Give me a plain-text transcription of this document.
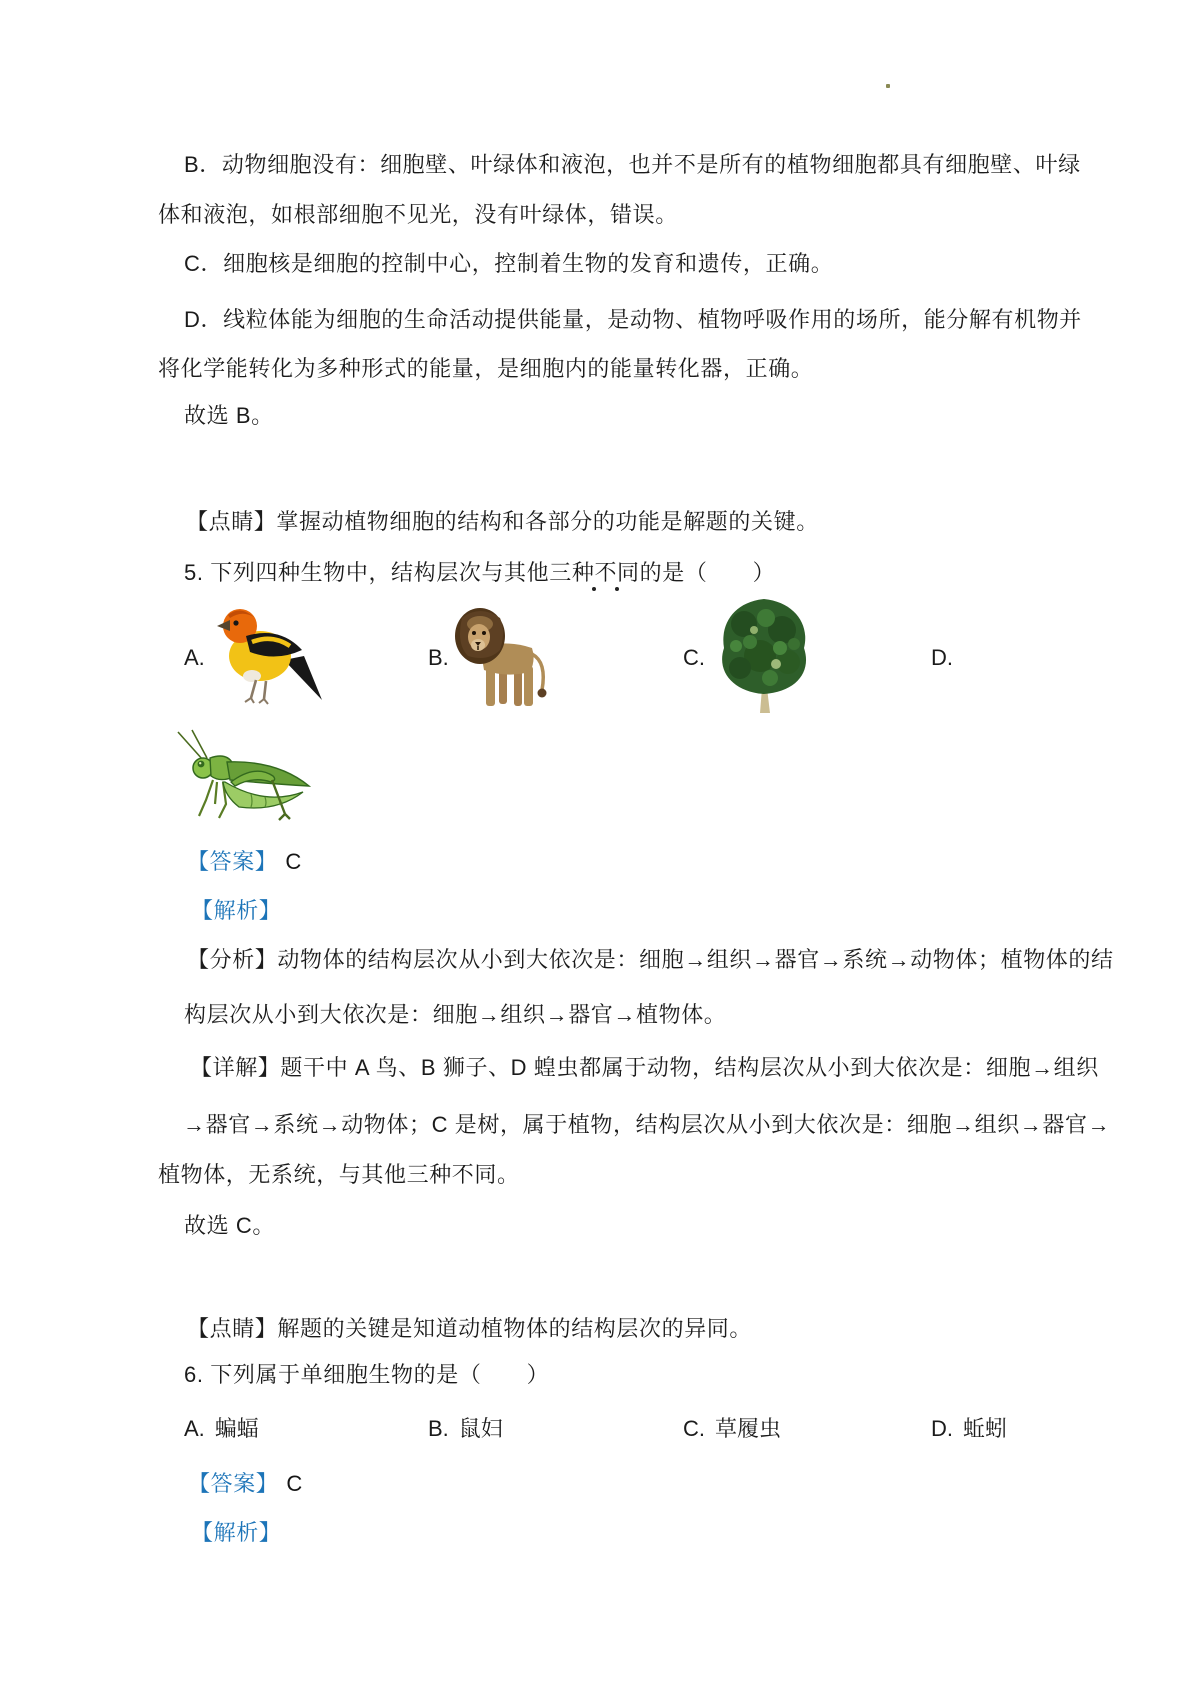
B．动物细胞没有：细胞壁、叶绿体和液泡，也并不是所有的植物细胞都具有细胞壁、叶绿
体和液泡，如根部细胞不见光，没有叶绿体，错误。
C．细胞核是细胞的控制中心，控制着生物的发育和遗传，正确。
D．线粒体能为细胞的生命活动提供能量，是动物、植物呼吸作用的场所，能分解有机物并
将化学能转化为多种形式的能量，是细胞内的能量转化器，正确。
故选 B。
【点睛】掌握动植物细胞的结构和各部分的功能是解题的关键。
5. 下列四种生物中，结构层次与其他三种不同的是（　　）
A.	B.	C.	D.
【答案】 C
【解析】
【分析】动物体的结构层次从小到大依次是：细胞→组织→器官→系统→动物体；植物体的结
构层次从小到大依次是：细胞→组织→器官→植物体。
【详解】题干中 A 鸟、B 狮子、D 蝗虫都属于动物，结构层次从小到大依次是：细胞→组织
→器官→系统→动物体；C 是树，属于植物，结构层次从小到大依次是：细胞→组织→器官→
植物体，无系统，与其他三种不同。
故选 C。
【点睛】解题的关键是知道动植物体的结构层次的异同。
6. 下列属于单细胞生物的是（　　）
A. 蝙蝠	B. 鼠妇	C. 草履虫	D. 蚯蚓
【答案】 C
【解析】
